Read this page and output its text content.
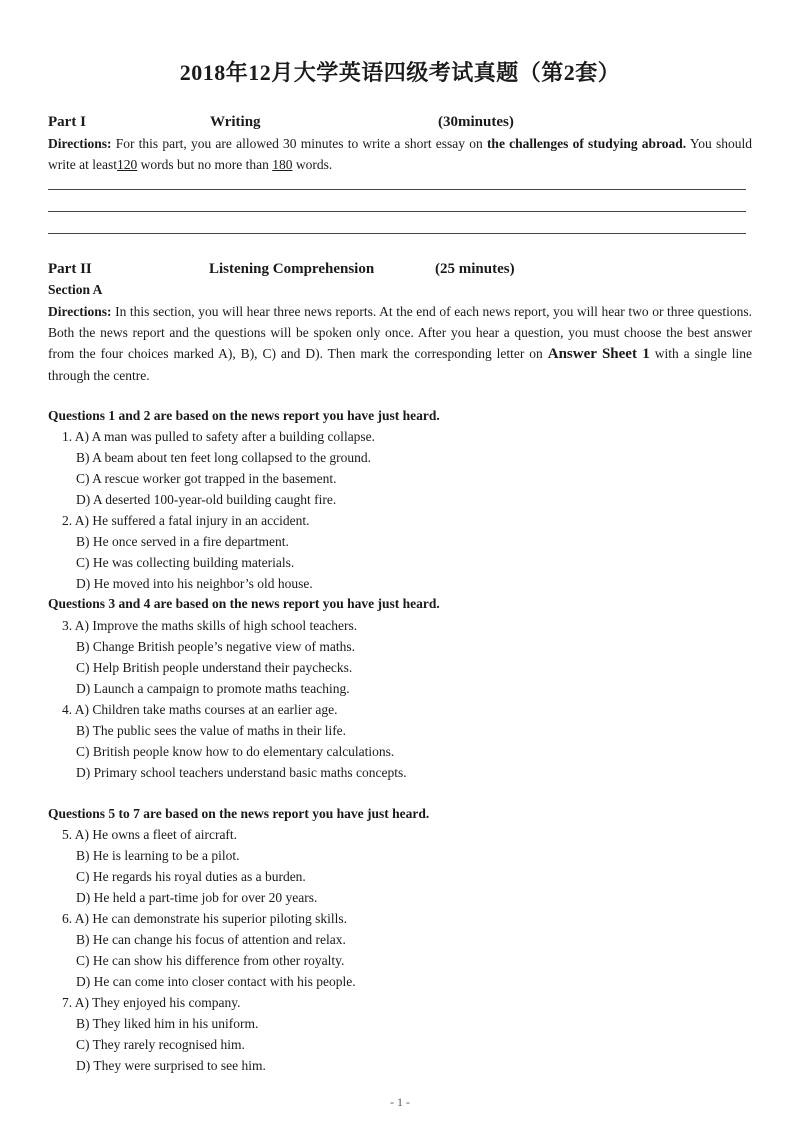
2018年12月大学英语四级考试真题（第2套）
Part I	Writing	(30minutes)

Directions: For this part, you are allowed 30 minutes to write a short essay on the challenges of studying abroad. You should write at least120 words but no more than 180 words.

Part II	Listening Comprehension	(25 minutes)
Section A

Directions: In this section, you will hear three news reports. At the end of each news report, you will hear two or three questions. Both the news report and the questions will be spoken only once. After you hear a question, you must choose the best answer from the four choices marked A), B), C) and D). Then mark the corresponding letter on Answer Sheet 1 with a single line through the centre.

Questions 1 and 2 are based on the news report you have just heard.
1. A) A man was pulled to safety after a building collapse.
B) A beam about ten feet long collapsed to the ground.
C) A rescue worker got trapped in the basement.
D) A deserted 100-year-old building caught fire.
2. A) He suffered a fatal injury in an accident.
B) He once served in a fire department.
C) He was collecting building materials.
D) He moved into his neighbor’s old house.
Questions 3 and 4 are based on the news report you have just heard.
3. A) Improve the maths skills of high school teachers.
B) Change British people’s negative view of maths.
C) Help British people understand their paychecks.
D) Launch a campaign to promote maths teaching.
4. A) Children take maths courses at an earlier age.
B) The public sees the value of maths in their life.
C) British people know how to do elementary calculations.
D) Primary school teachers understand basic maths concepts.
Questions 5 to 7 are based on the news report you have just heard.
5. A) He owns a fleet of aircraft.
B) He is learning to be a pilot.
C) He regards his royal duties as a burden.
D) He held a part-time job for over 20 years.
6. A) He can demonstrate his superior piloting skills.
B) He can change his focus of attention and relax.
C) He can show his difference from other royalty.
D) He can come into closer contact with his people.
7. A) They enjoyed his company.
B) They liked him in his uniform.
C) They rarely recognised him.
D) They were surprised to see him.
- 1 -
